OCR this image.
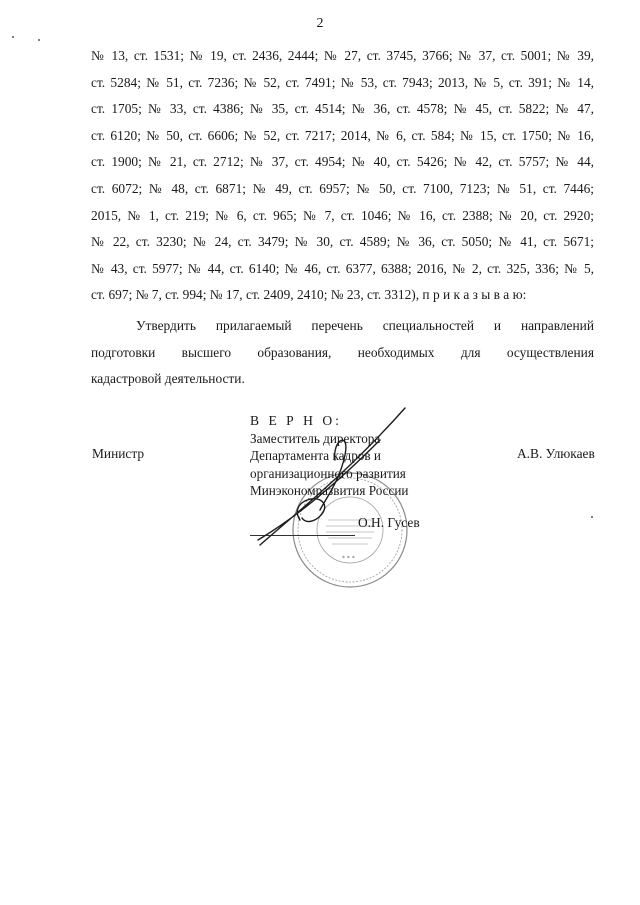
2
№ 13, ст. 1531; № 19, ст. 2436, 2444; № 27, ст. 3745, 3766; № 37, ст. 5001; № 39,
ст. 5284; № 51, ст. 7236; № 52, ст. 7491; № 53, ст. 7943; 2013, № 5, ст. 391; № 14,
ст. 1705; № 33, ст. 4386; № 35, ст. 4514; № 36, ст. 4578; № 45, ст. 5822; № 47,
ст. 6120; № 50, ст. 6606; № 52, ст. 7217; 2014, № 6, ст. 584; № 15, ст. 1750; № 16,
ст. 1900; № 21, ст. 2712; № 37, ст. 4954; № 40, ст. 5426; № 42, ст. 5757; № 44,
ст. 6072; № 48, ст. 6871; № 49, ст. 6957; № 50, ст. 7100, 7123; № 51, ст. 7446;
2015, № 1, ст. 219; № 6, ст. 965; № 7, ст. 1046; № 16, ст. 2388; № 20, ст. 2920;
№ 22, ст. 3230; № 24, ст. 3479; № 30, ст. 4589; № 36, ст. 5050; № 41, ст. 5671;
№ 43, ст. 5977; № 44, ст. 6140; № 46, ст. 6377, 6388; 2016, № 2, ст. 325, 336; № 5,
ст. 697; № 7, ст. 994; № 17, ст. 2409, 2410; № 23, ст. 3312), п р и к а з ы в а ю:
Утвердить прилагаемый перечень специальностей и направлений
подготовки высшего образования, необходимых для осуществления
кадастровой деятельности.
Министр	А.В. Улюкаев
* * *
В Е Р Н О:
Заместитель директора
Департамента кадров и
организационного развития
Минэкономразвития России
О.Н. Гусев
